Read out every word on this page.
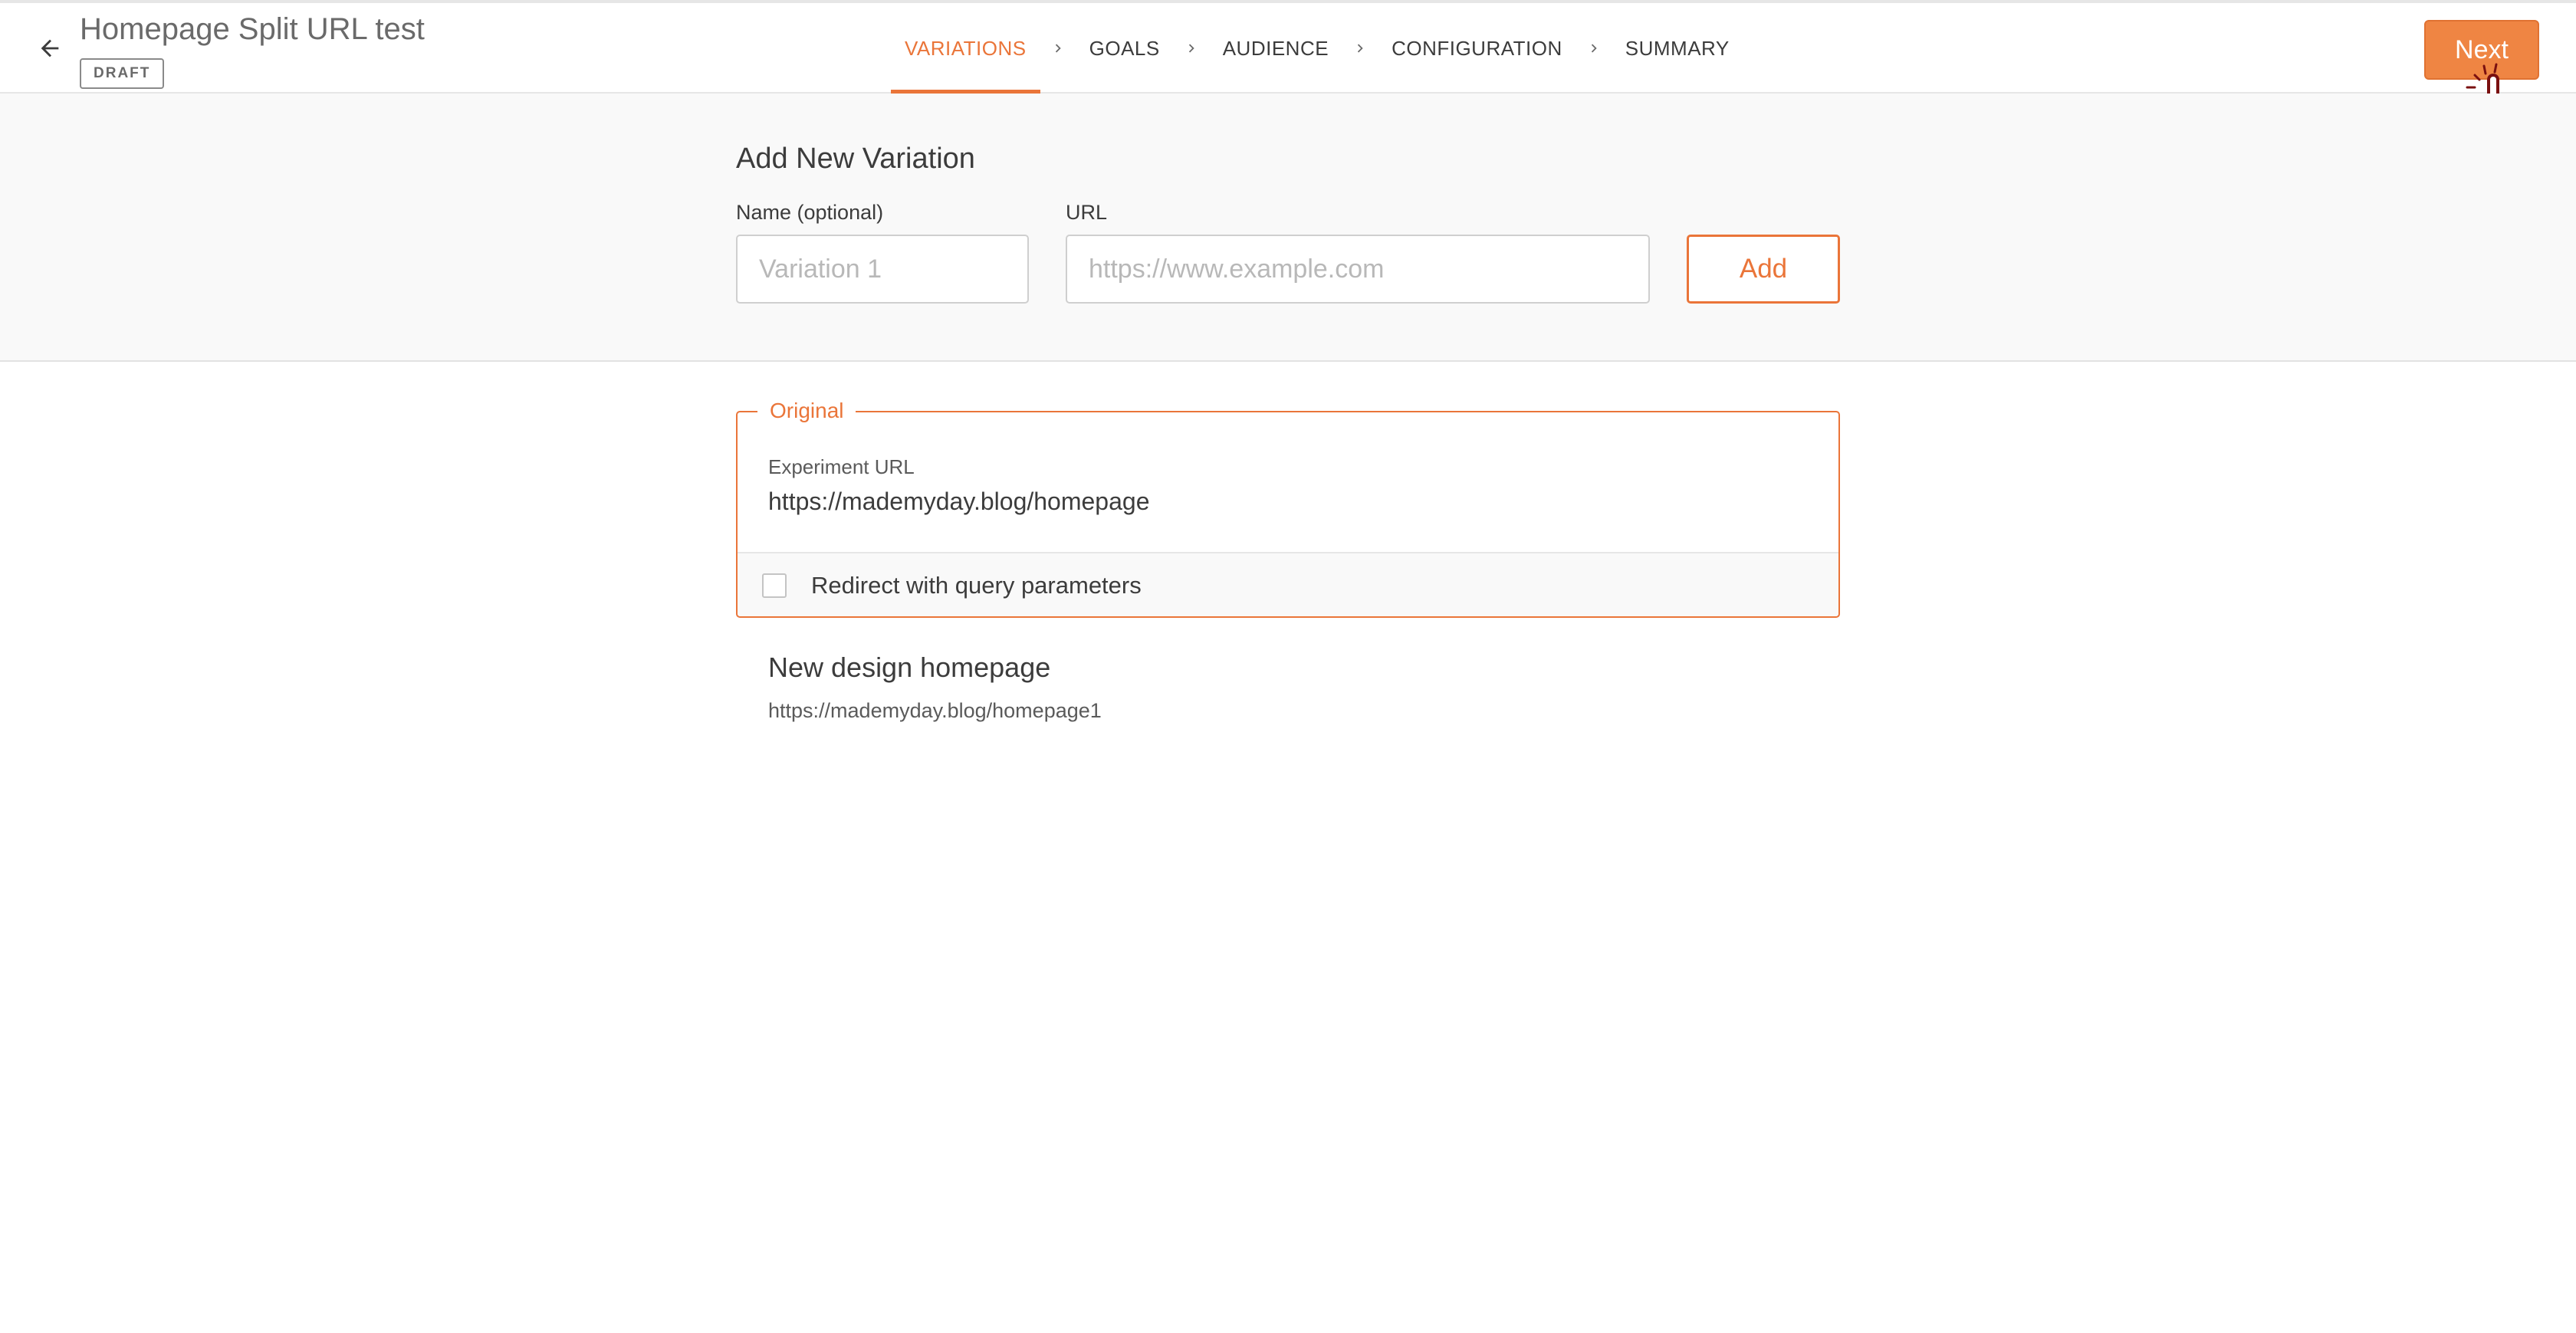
Homepage Split URL test
DRAFT
VARIATIONS	GOALS	AUDIENCE	CONFIGURATION	SUMMARY	Next
Add New Variation
Name (optional)
Variation 1	URL
https://www.example.com
Add
Original
Experiment URL
https://mademyday.blog/homepage
Redirect with query parameters
New design homepage
https://mademyday.blog/homepage1
